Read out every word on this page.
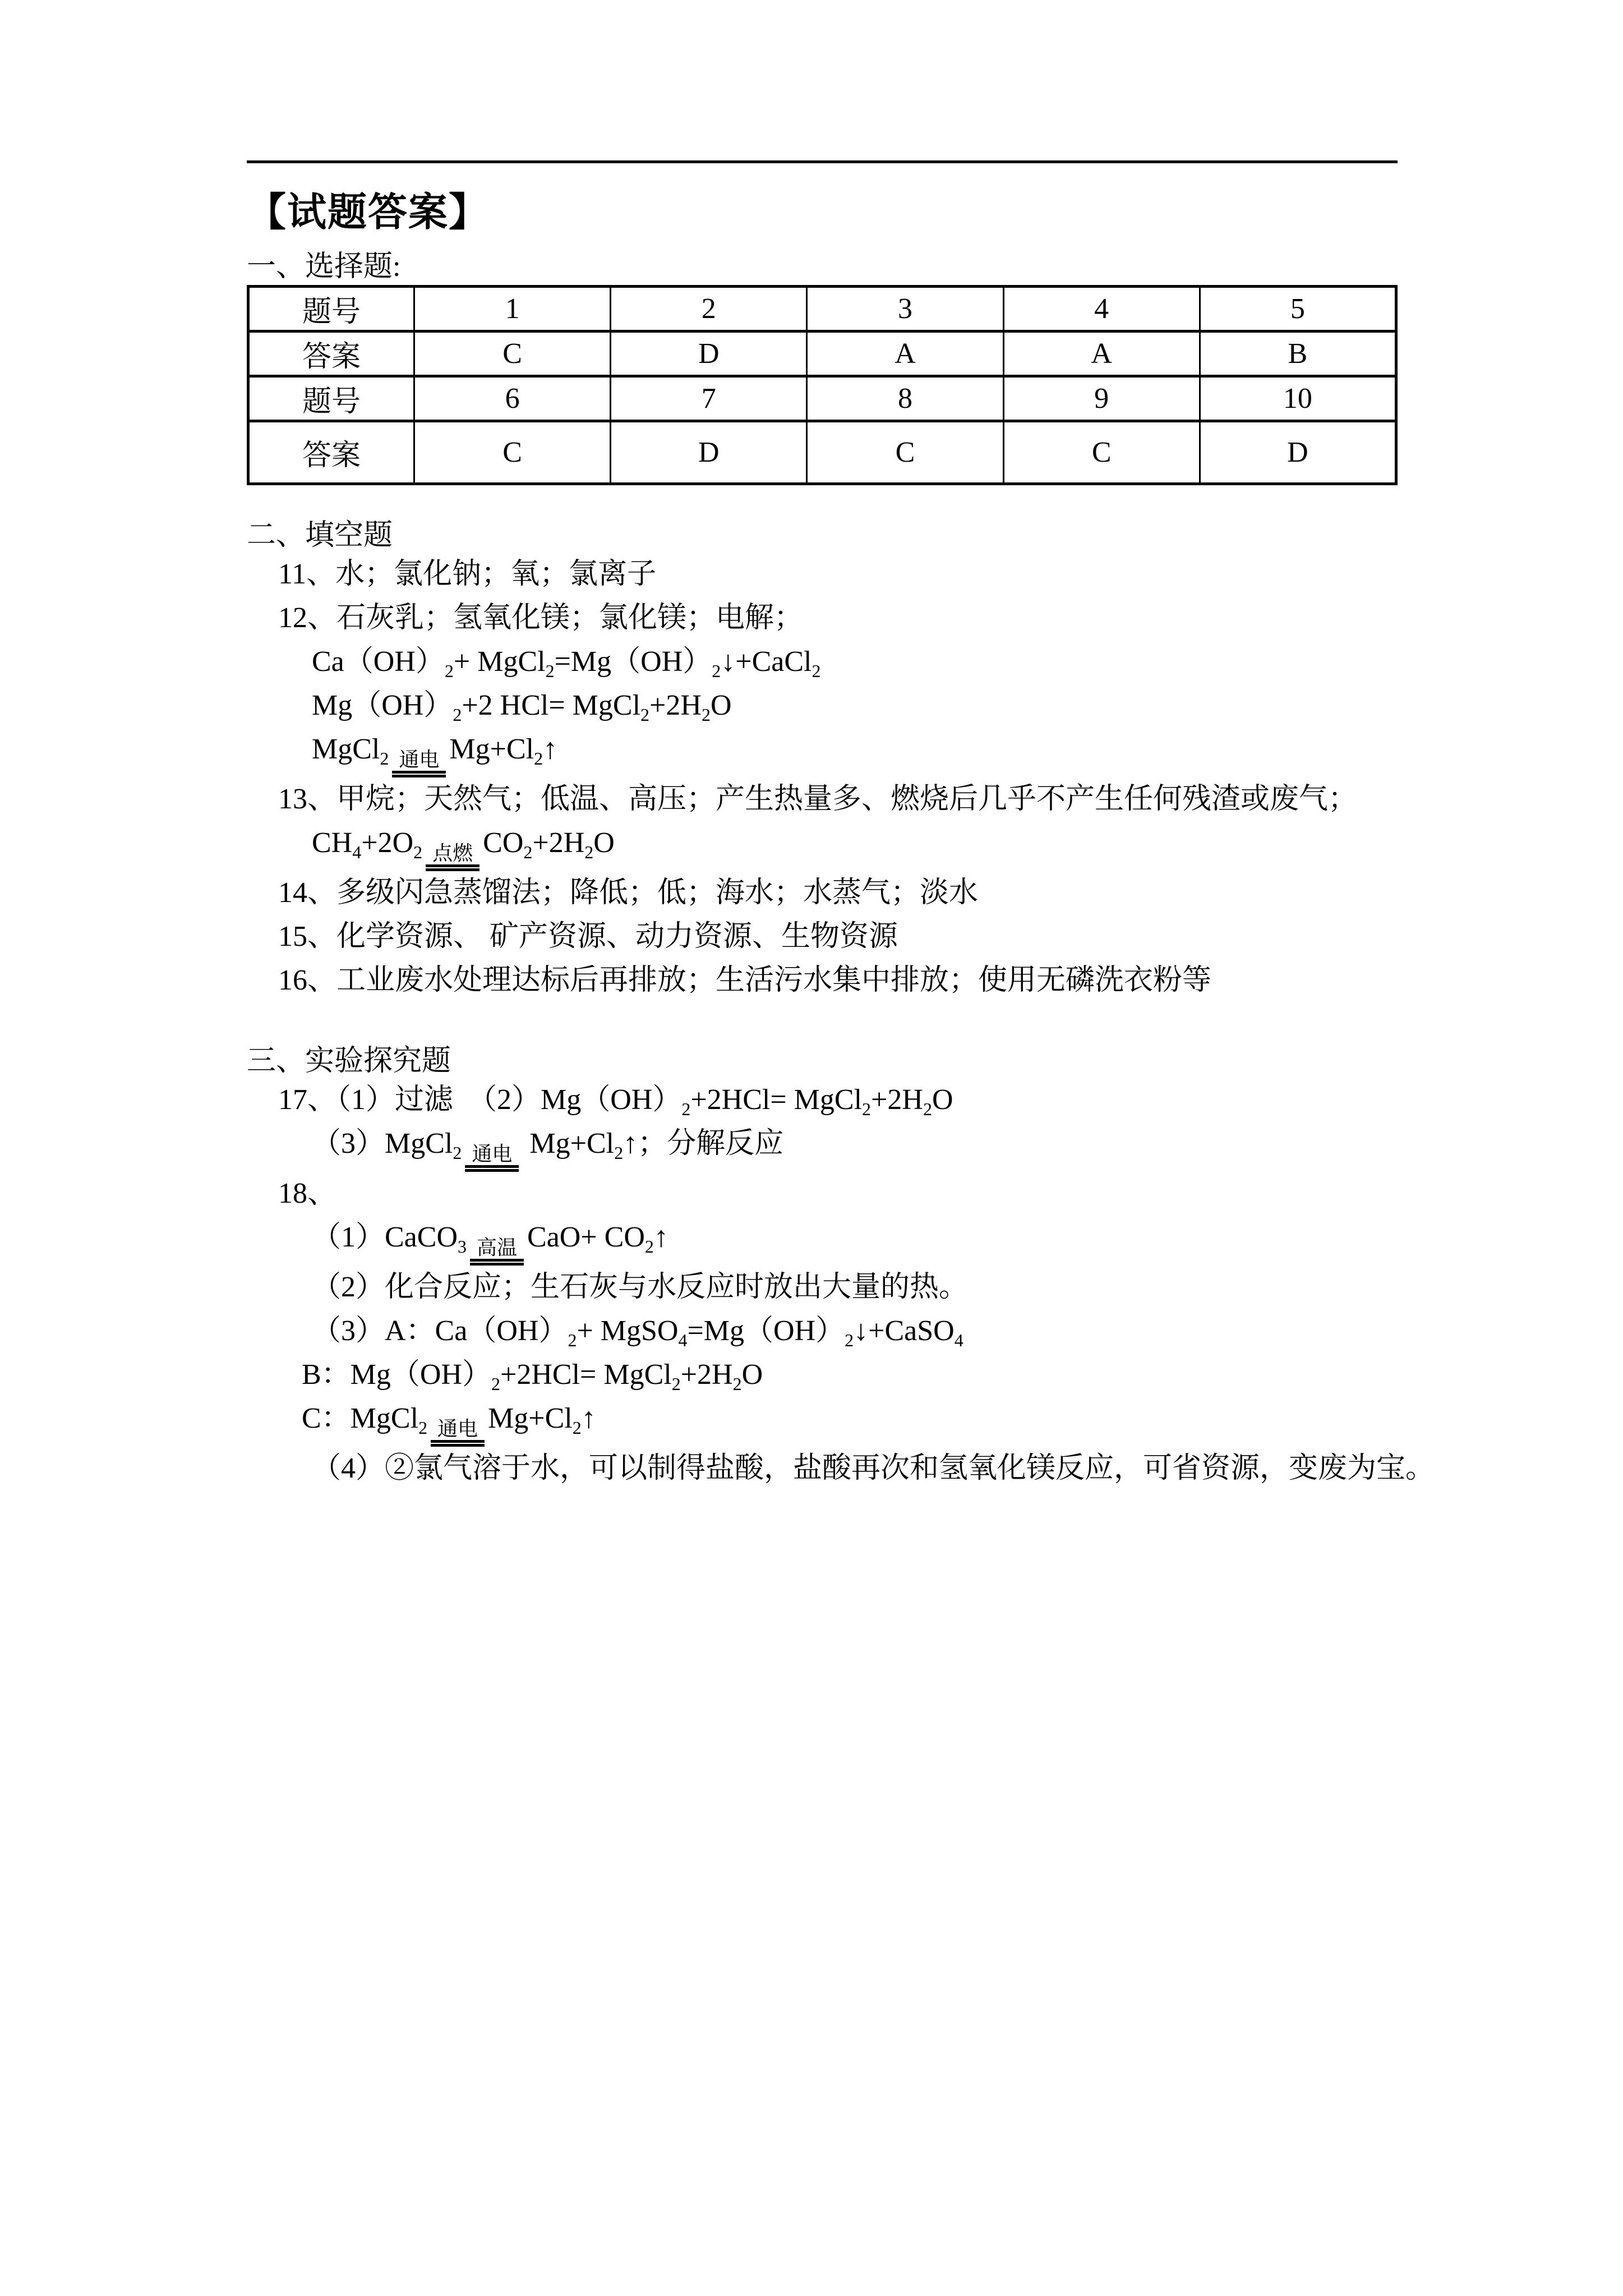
【试题答案】
一、选择题:
题号	1	2	3	4	5
答案	C	D	A	A	B
题号	6	7	8	9	10
答案	C	D	C	C	D
二、填空题

11、水；氯化钠；氧；氯离子

12、石灰乳；氢氧化镁；氯化镁；电解；

$Ca(OH)_2+$ $MgCl_2=Mg(OH)_2↓+CaCl_2$

$Mg(OH)_2+2$ $HCl= MgCl_2+2H_2O$

MgCl$_2$ 通电 $Mg+Cl_2↑$

13、甲烷；天然气；低温、高压；产生热量多、燃烧后几乎不产生任何残渣或废气；

$CH_4+2O_2$ 点燃 $CO_2+2H_2O$

14、多级闪急蒸馏法；降低；低；海水；水蒸气；淡水

15、化学资源、 矿产资源、动力资源、生物资源

16、工业废水处理达标后再排放；生活污水集中排放；使用无磷洗衣粉等

三、实验探究题

17、（1）过滤　$(2)Mg(OH)_2+2HCl=$ $MgCl_2+2H_2O$

（3）MgCl$_2$ 通电 $Mg+Cl_2↑$；分解反应

18、

（1）CaCO$_3$ 高温 $CaO+ CO_2↑$

（2）化合反应；生石灰与水反应时放出大量的热。

（3）A：$Ca(OH)_2+$ $MgSO_4=Mg(OH)_2↓+CaSO_4$

B：$Mg(OH)_2+2HCl=$ $MgCl_2+2H_2O$

C：MgCl$_2$ 通电 $Mg+Cl_2↑$

（4）②氯气溶于水，可以制得盐酸，盐酸再次和氢氧化镁反应，可省资源，变废为宝。
